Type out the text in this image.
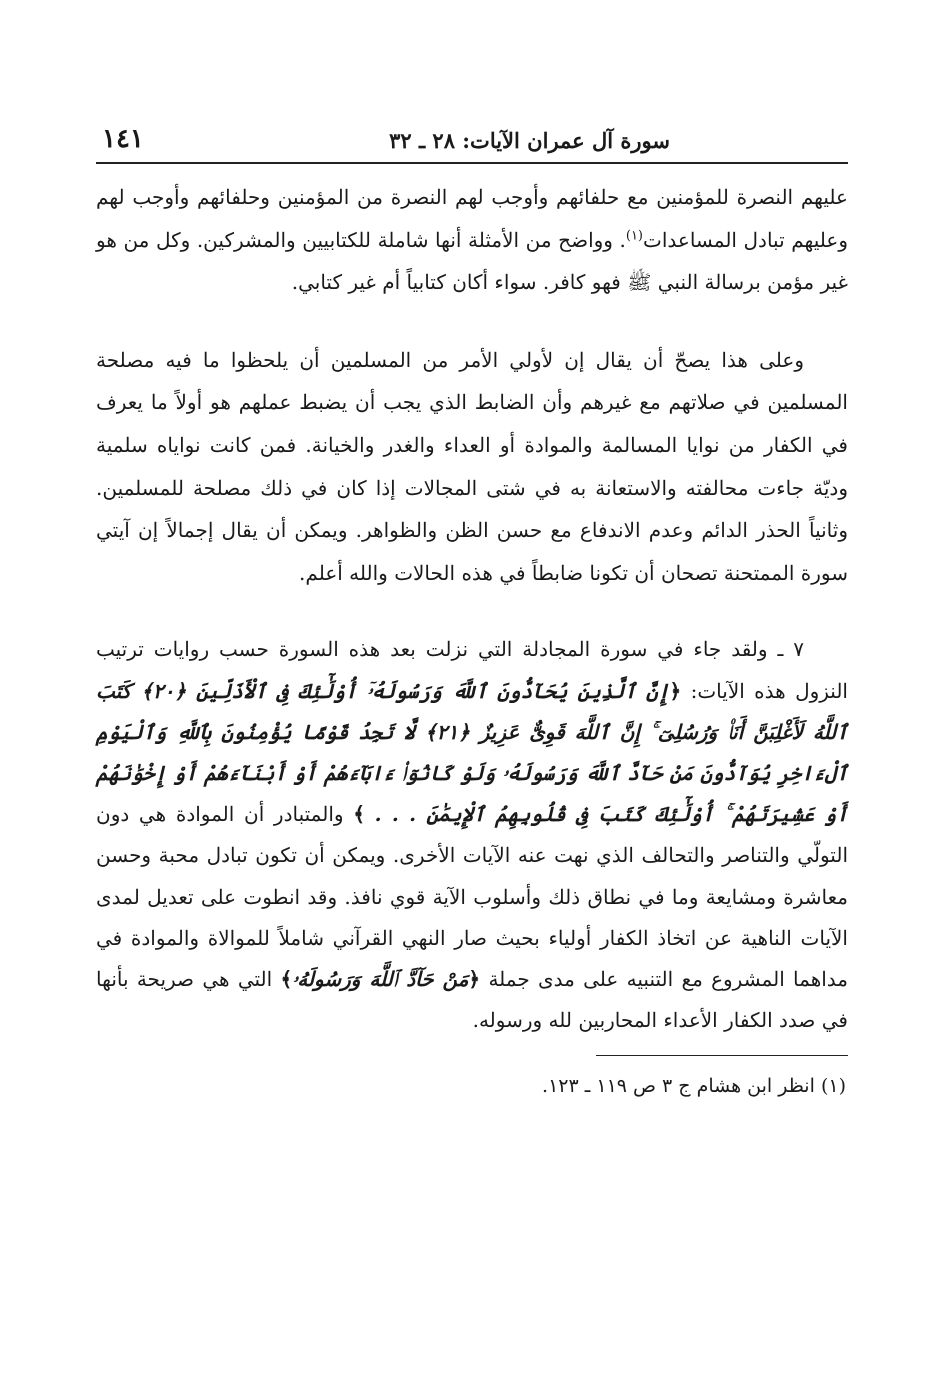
سورة آل عمران الآيات: ٢٨ ـ ٣٢
١٤١

عليهم النصرة للمؤمنين مع حلفائهم وأوجب لهم النصرة من المؤمنين وحلفائهم وأوجب لهم وعليهم تبادل المساعدات$^{(١)}$. وواضح من الأمثلة أنها شاملة للكتابيين والمشركين. وكل من هو غير مؤمن برسالة النبي ﷺ فهو كافر. سواء أكان كتابياً أم غير كتابي.

وعلى هذا يصحّ أن يقال إن لأولي الأمر من المسلمين أن يلحظوا ما فيه مصلحة المسلمين في صلاتهم مع غيرهم وأن الضابط الذي يجب أن يضبط عملهم هو أولاً ما يعرف في الكفار من نوايا المسالمة والموادة أو العداء والغدر والخيانة. فمن كانت نواياه سلمية وديّة جاءت محالفته والاستعانة به في شتى المجالات إذا كان في ذلك مصلحة للمسلمين. وثانياً الحذر الدائم وعدم الاندفاع مع حسن الظن والظواهر. ويمكن أن يقال إجمالاً إن آيتي سورة الممتحنة تصحان أن تكونا ضابطاً في هذه الحالات والله أعلم.

٧ ـ ولقد جاء في سورة المجادلة التي نزلت بعد هذه السورة حسب روايات ترتيب النزول هذه الآيات: ﴿إِنَّ ٱلَّذِينَ يُحَآدُّونَ ٱللَّهَ وَرَسُولَهُۥٓ أُوْلَٰٓئِكَ فِى ٱلْأَذَلِّينَ ﴿٢٠﴾ كَتَبَ ٱللَّهُ لَأَغْلِبَنَّ أَنَا۠ وَرُسُلِىٓ ۚ إِنَّ ٱللَّهَ قَوِىٌّ عَزِيزٌ ﴿٢١﴾ لَّا تَجِدُ قَوْمًا يُؤْمِنُونَ بِٱللَّهِ وَٱلْيَوْمِ ٱلْءَاخِرِ يُوَآدُّونَ مَنْ حَآدَّ ٱللَّهَ وَرَسُولَهُۥ وَلَوْ كَانُوٓا۟ ءَابَآءَهُمْ أَوْ أَبْنَآءَهُمْ أَوْ إِخْوَٰنَهُمْ أَوْ عَشِيرَتَهُمْ ۚ أُوْلَٰٓئِكَ كَتَبَ فِى قُلُوبِهِمُ ٱلْإِيمَٰنَ . . . ﴾ والمتبادر أن الموادة هي دون التولّي والتناصر والتحالف الذي نهت عنه الآيات الأخرى. ويمكن أن تكون تبادل محبة وحسن معاشرة ومشايعة وما في نطاق ذلك وأسلوب الآية قوي نافذ. وقد انطوت على تعديل لمدى الآيات الناهية عن اتخاذ الكفار أولياء بحيث صار النهي القرآني شاملاً للموالاة والموادة في مداهما المشروع مع التنبيه على مدى جملة ﴿مَنْ حَآدَّ ٱللَّهَ وَرَسُولَهُۥ﴾ التي هي صريحة بأنها في صدد الكفار الأعداء المحاربين لله ورسوله.

(١) انظر ابن هشام ج ٣ ص ١١٩ ـ ١٢٣.
